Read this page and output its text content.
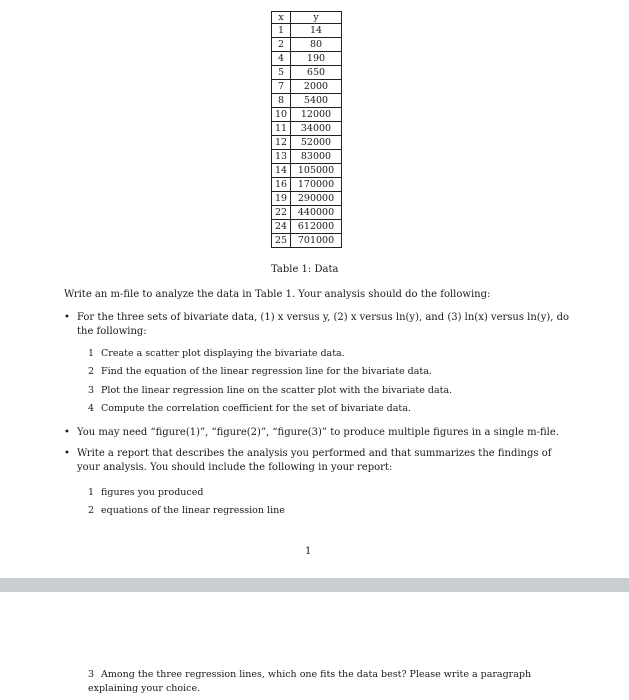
x	y
1	14
2	80
4	190
5	650
7	2000
8	5400
10	12000
11	34000
12	52000
13	83000
14	105000
16	170000
19	290000
22	440000
24	612000
25	701000
Table 1: Data
Write an m-file to analyze the data in Table 1. Your analysis should do the following:
• For the three sets of bivariate data, (1) x versus y, (2) x versus ln(y), and (3) ln(x) versus ln(y), do the following:
1 Create a scatter plot displaying the bivariate data.
2 Find the equation of the linear regression line for the bivariate data.
3 Plot the linear regression line on the scatter plot with the bivariate data.
4 Compute the correlation coefficient for the set of bivariate data.
• You may need “figure(1)”, “figure(2)”, “figure(3)” to produce multiple figures in a single m-file.
• Write a report that describes the analysis you performed and that summarizes the findings of your analysis. You should include the following in your report:
1 figures you produced
2 equations of the linear regression line
1
3 Among the three regression lines, which one fits the data best? Please write a paragraph explaining your choice.
